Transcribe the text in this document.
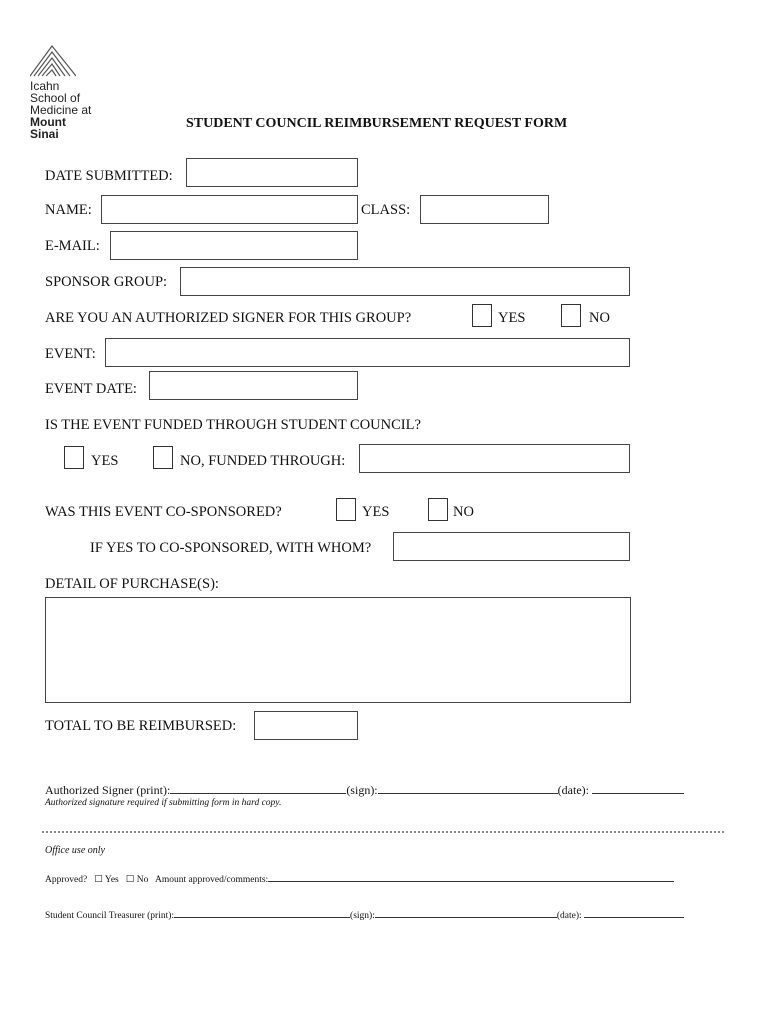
Icahn
School of
Medicine at
Mount
Sinai
STUDENT COUNCIL REIMBURSEMENT REQUEST FORM
DATE SUBMITTED:
NAME:	CLASS:
E-MAIL:
SPONSOR GROUP:
ARE YOU AN AUTHORIZED SIGNER FOR THIS GROUP?	YES	NO
EVENT:
EVENT DATE:
IS THE EVENT FUNDED THROUGH STUDENT COUNCIL?
YES	NO, FUNDED THROUGH:
WAS THIS EVENT CO-SPONSORED?	YES	NO
IF YES TO CO-SPONSORED, WITH WHOM?
DETAIL OF PURCHASE(S):
TOTAL TO BE REIMBURSED:
Authorized Signer (print):	(sign):	(date):
Authorized signature required if submitting form in hard copy.
Office use only
Approved? ☐ Yes ☐ No Amount approved/comments:
Student Council Treasurer (print):	(sign):	(date):
